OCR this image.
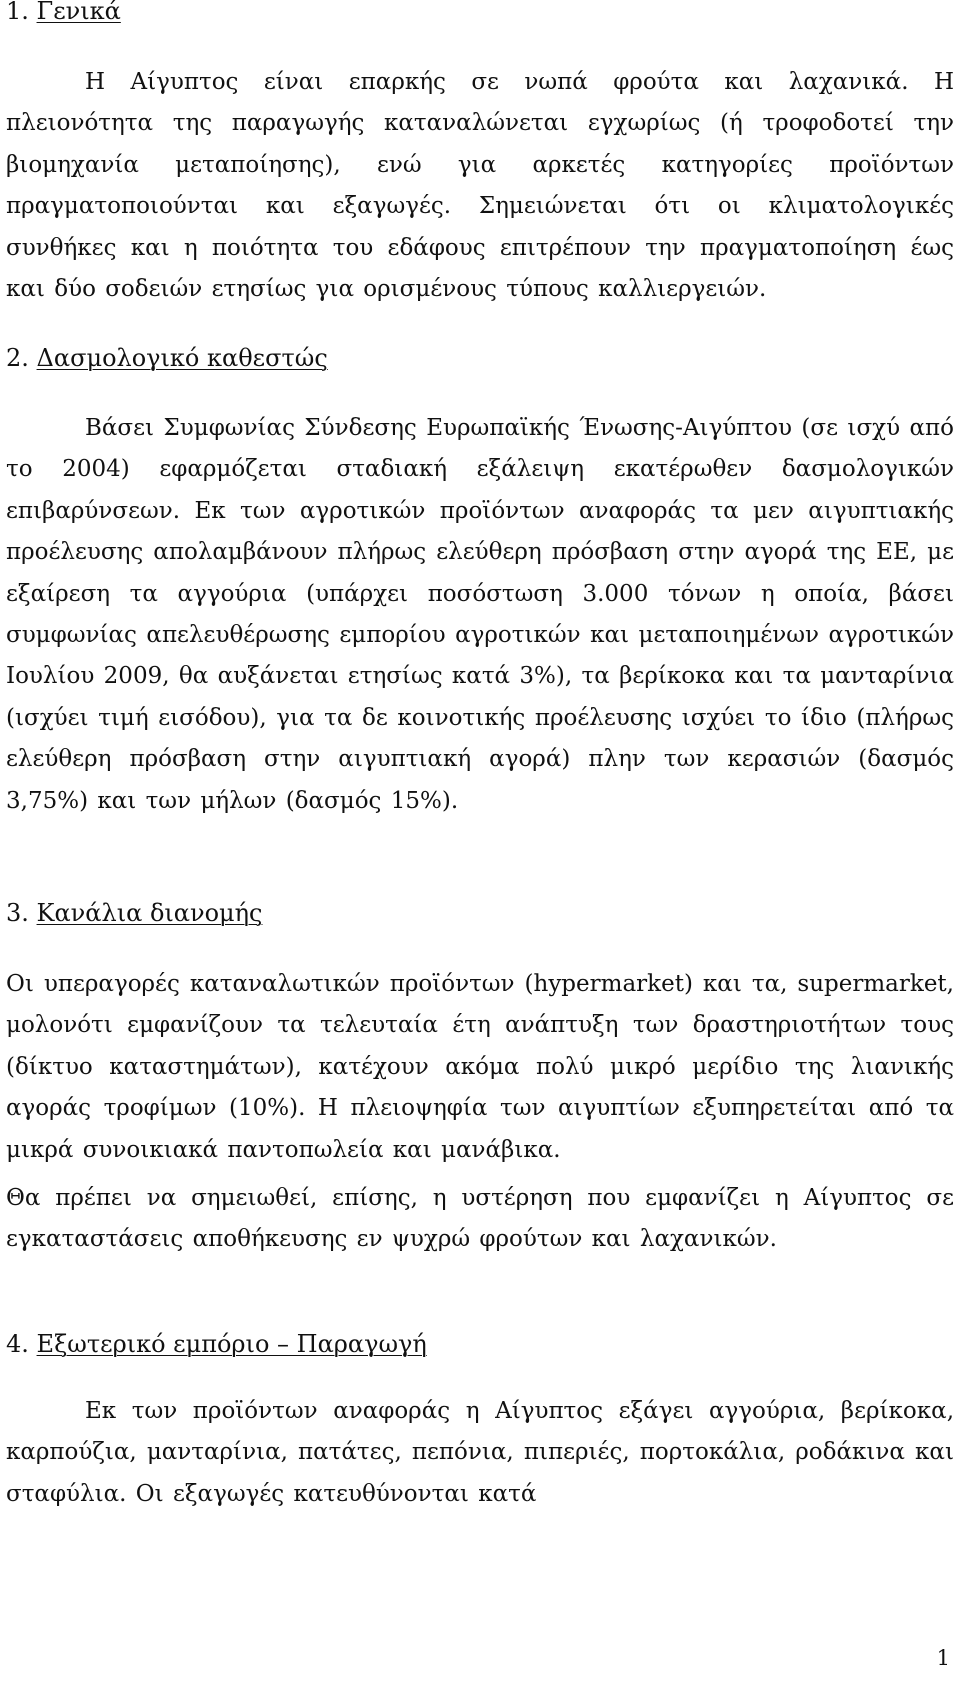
1. Γενικά

Η Αίγυπτος είναι επαρκής σε νωπά φρούτα και λαχανικά. Η πλειονότητα της παραγωγής καταναλώνεται εγχωρίως (ή τροφοδοτεί την βιομηχανία μεταποίησης), ενώ για αρκετές κατηγορίες προϊόντων πραγματοποιούνται και εξαγωγές. Σημειώνεται ότι οι κλιματολογικές συνθήκες και η ποιότητα του εδάφους επιτρέπουν την πραγματοποίηση έως και δύο σοδειών ετησίως για ορισμένους τύπους καλλιεργειών.

2. Δασμολογικό καθεστώς

Βάσει Συμφωνίας Σύνδεσης Ευρωπαϊκής Ένωσης-Αιγύπτου (σε ισχύ από το 2004) εφαρμόζεται σταδιακή εξάλειψη εκατέρωθεν δασμολογικών επιβαρύνσεων. Εκ των αγροτικών προϊόντων αναφοράς τα μεν αιγυπτιακής προέλευσης απολαμβάνουν πλήρως ελεύθερη πρόσβαση στην αγορά της ΕΕ, με εξαίρεση τα αγγούρια (υπάρχει ποσόστωση 3.000 τόνων η οποία, βάσει συμφωνίας απελευθέρωσης εμπορίου αγροτικών και μεταποιημένων αγροτικών Ιουλίου 2009, θα αυξάνεται ετησίως κατά 3%), τα βερίκοκα και τα μανταρίνια (ισχύει τιμή εισόδου), για τα δε κοινοτικής προέλευσης ισχύει το ίδιο (πλήρως ελεύθερη πρόσβαση στην αιγυπτιακή αγορά) πλην των κερασιών (δασμός 3,75%) και των μήλων (δασμός 15%).

3. Κανάλια διανομής

Οι υπεραγορές καταναλωτικών προϊόντων (hypermarket) και τα, supermarket, μολονότι εμφανίζουν τα τελευταία έτη ανάπτυξη των δραστηριοτήτων τους (δίκτυο καταστημάτων), κατέχουν ακόμα πολύ μικρό μερίδιο της λιανικής αγοράς τροφίμων (10%). Η πλειοψηφία των αιγυπτίων εξυπηρετείται από τα μικρά συνοικιακά παντοπωλεία και μανάβικα.

Θα πρέπει να σημειωθεί, επίσης, η υστέρηση που εμφανίζει η Αίγυπτος σε εγκαταστάσεις αποθήκευσης εν ψυχρώ φρούτων και λαχανικών.

4. Εξωτερικό εμπόριο – Παραγωγή

Εκ των προϊόντων αναφοράς η Αίγυπτος εξάγει αγγούρια, βερίκοκα, καρπούζια, μανταρίνια, πατάτες, πεπόνια, πιπεριές, πορτοκάλια, ροδάκινα και σταφύλια. Οι εξαγωγές κατευθύνονται κατά

1
